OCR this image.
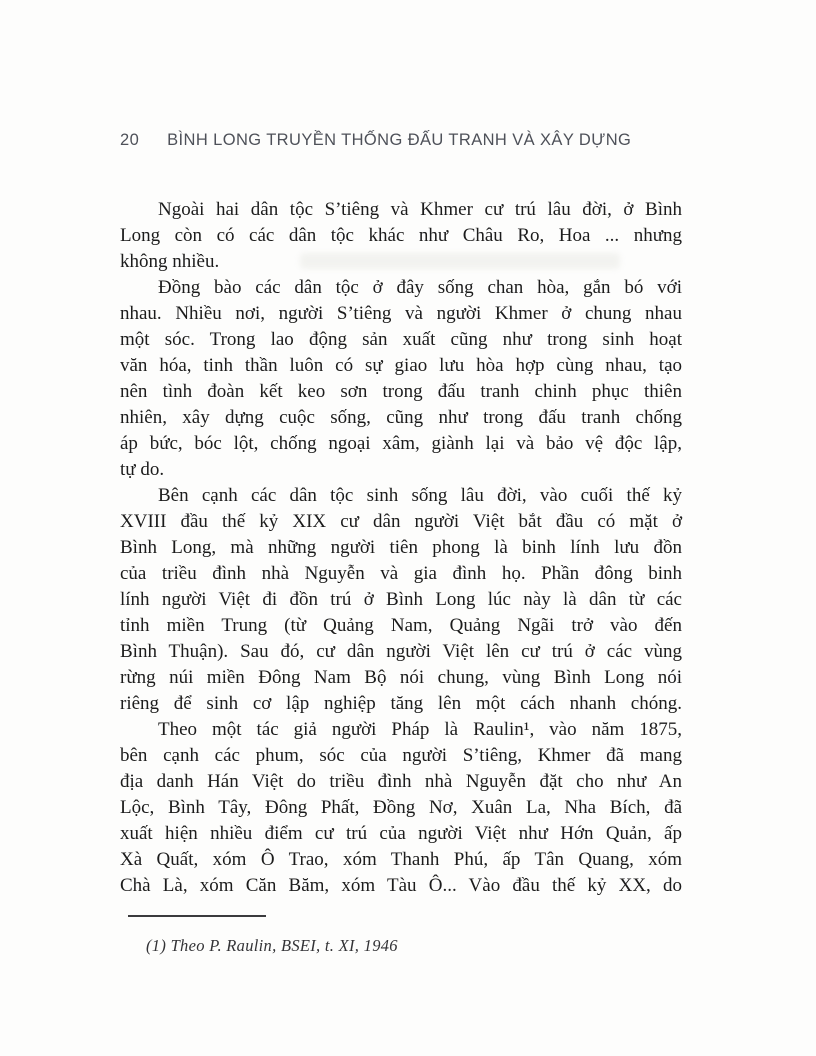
20 BÌNH LONG TRUYỀN THỐNG ĐẤU TRANH VÀ XÂY DỰNG
Ngoài hai dân tộc S’tiêng và Khmer cư trú lâu đời, ở Bình
Long còn có các dân tộc khác như Châu Ro, Hoa ... nhưng
không nhiều.
Đồng bào các dân tộc ở đây sống chan hòa, gắn bó với
nhau. Nhiều nơi, người S’tiêng và người Khmer ở chung nhau
một sóc. Trong lao động sản xuất cũng như trong sinh hoạt
văn hóa, tinh thần luôn có sự giao lưu hòa hợp cùng nhau, tạo
nên tình đoàn kết keo sơn trong đấu tranh chinh phục thiên
nhiên, xây dựng cuộc sống, cũng như trong đấu tranh chống
áp bức, bóc lột, chống ngoại xâm, giành lại và bảo vệ độc lập,
tự do.
Bên cạnh các dân tộc sinh sống lâu đời, vào cuối thế kỷ
XVIII đầu thế kỷ XIX cư dân người Việt bắt đầu có mặt ở
Bình Long, mà những người tiên phong là binh lính lưu đồn
của triều đình nhà Nguyễn và gia đình họ. Phần đông binh
lính người Việt đi đồn trú ở Bình Long lúc này là dân từ các
tỉnh miền Trung (từ Quảng Nam, Quảng Ngãi trở vào đến
Bình Thuận). Sau đó, cư dân người Việt lên cư trú ở các vùng
rừng núi miền Đông Nam Bộ nói chung, vùng Bình Long nói
riêng để sinh cơ lập nghiệp tăng lên một cách nhanh chóng.
Theo một tác giả người Pháp là Raulin¹, vào năm 1875,
bên cạnh các phum, sóc của người S’tiêng, Khmer đã mang
địa danh Hán Việt do triều đình nhà Nguyễn đặt cho như An
Lộc, Bình Tây, Đông Phất, Đồng Nơ, Xuân La, Nha Bích, đã
xuất hiện nhiều điểm cư trú của người Việt như Hớn Quản, ấp
Xà Quất, xóm Ô Trao, xóm Thanh Phú, ấp Tân Quang, xóm
Chà Là, xóm Căn Băm, xóm Tàu Ô... Vào đầu thế kỷ XX, do
(1) Theo P. Raulin, BSEI, t. XI, 1946
